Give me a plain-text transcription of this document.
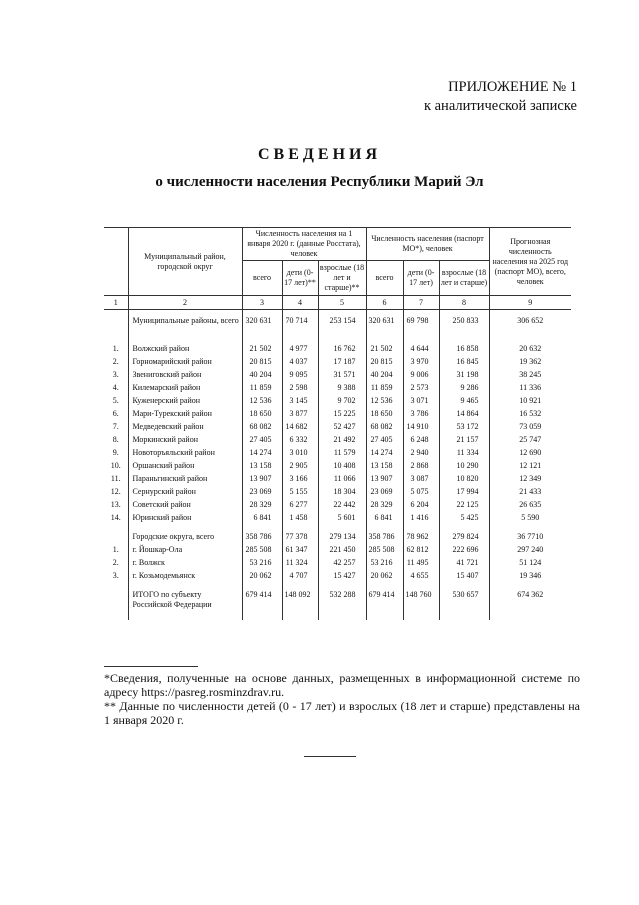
ПРИЛОЖЕНИЕ № 1
к аналитической записке
СВЕДЕНИЯ
о численности населения Республики Марий Эл
	Муниципальный район, городской округ	Численность населения на 1 января 2020 г. (данные Росстата), человек			Численность населения (паспорт МО*), человек			Прогнозная численность населения на 2025 год (паспорт МО), всего, человек
		всего	дети (0-17 лет)**	взрослые (18 лет и старше)**	всего	дети (0-17 лет)	взрослые (18 лет и старше)	
1	2	3	4	5	6	7	8	9

	Муниципальные районы, всего	320 631	70 714	253 154	320 631	69 798	250 833	306 652

1.	Волжский район	21 502	4 977	16 762	21 502	4 644	16 858	20 632
2.	Горномарийский район	20 815	4 037	17 187	20 815	3 970	16 845	19 362
3.	Звениговский район	40 204	9 095	31 571	40 204	9 006	31 198	38 245
4.	Килемарский район	11 859	2 598	9 388	11 859	2 573	9 286	11 336
5.	Куженерский район	12 536	3 145	9 702	12 536	3 071	9 465	10 921
6.	Мари-Турекский район	18 650	3 877	15 225	18 650	3 786	14 864	16 532
7.	Медведевский район	68 082	14 682	52 427	68 082	14 910	53 172	73 059
8.	Моркинский район	27 405	6 332	21 492	27 405	6 248	21 157	25 747
9.	Новоторъяльский район	14 274	3 010	11 579	14 274	2 940	11 334	12 690
10.	Оршанский район	13 158	2 905	10 408	13 158	2 868	10 290	12 121
11.	Параньгинский район	13 907	3 166	11 066	13 907	3 087	10 820	12 349
12.	Сернурский район	23 069	5 155	18 304	23 069	5 075	17 994	21 433
13.	Советский район	28 329	6 277	22 442	28 329	6 204	22 125	26 635
14.	Юринский район	6 841	1 458	5 601	6 841	1 416	5 425	5 590

	Городские округа, всего	358 786	77 378	279 134	358 786	78 962	279 824	36 7710
1.	г. Йошкар-Ола	285 508	61 347	221 450	285 508	62 812	222 696	297 240
2.	г. Волжск	53 216	11 324	42 257	53 216	11 495	41 721	51 124
3.	г. Козьмодемьянск	20 062	4 707	15 427	20 062	4 655	15 407	19 346

	ИТОГО по субъекту Российской Федерации	679 414	148 092	532 288	679 414	148 760	530 657	674 362

*Сведения, полученные на основе данных, размещенных в информационной системе по адресу https://pasreg.rosminzdrav.ru.

** Данные по численности детей (0 - 17 лет) и взрослых (18 лет и старше) представлены на 1 января 2020 г.
